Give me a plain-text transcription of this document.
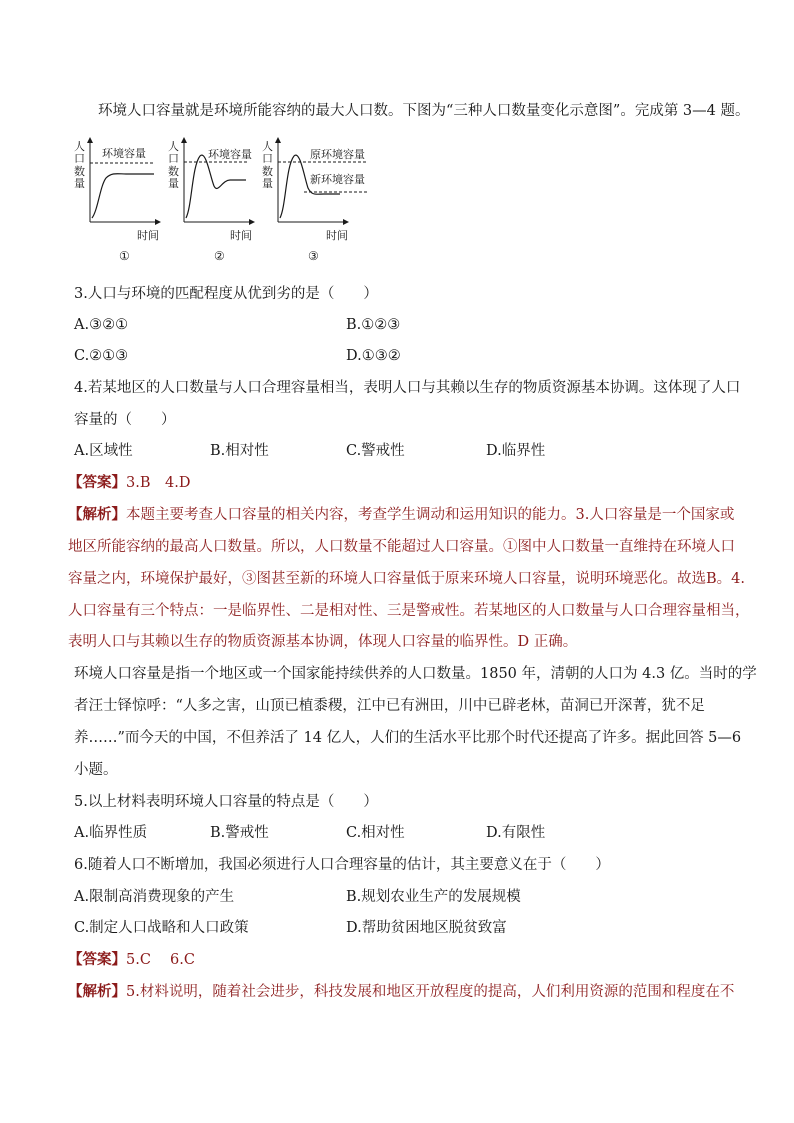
环境人口容量就是环境所能容纳的最大人口数。下图为“三种人口数量变化示意图”。完成第 3—4 题。
人
口
数
量
环境容量
时间
①
人
口
数
量
环境容量
时间
②
人
口
数
量
原环境容量
新环境容量
时间
③
3.人口与环境的匹配程度从优到劣的是（　　）
A.③②①	B.①②③
C.②①③	D.①③②
4.若某地区的人口数量与人口合理容量相当，表明人口与其赖以生存的物质资源基本协调。这体现了人口
容量的（　　）
A.区域性	B.相对性	C.警戒性	D.临界性
【答案】3.B　4.D
【解析】本题主要考查人口容量的相关内容，考查学生调动和运用知识的能力。3.人口容量是一个国家或
地区所能容纳的最高人口数量。所以，人口数量不能超过人口容量。①图中人口数量一直维持在环境人口
容量之内，环境保护最好，③图甚至新的环境人口容量低于原来环境人口容量，说明环境恶化。故选B。4.
人口容量有三个特点：一是临界性、二是相对性、三是警戒性。若某地区的人口数量与人口合理容量相当，
表明人口与其赖以生存的物质资源基本协调，体现人口容量的临界性。D 正确。
环境人口容量是指一个地区或一个国家能持续供养的人口数量。1850 年，清朝的人口为 4.3 亿。当时的学
者汪士铎惊呼：“人多之害，山顶已植黍稷，江中已有洲田，川中已辟老林，苗洞已开深菁，犹不足
养……”而今天的中国，不但养活了 14 亿人，人们的生活水平比那个时代还提高了许多。据此回答 5—6
小题。
5.以上材料表明环境人口容量的特点是（　　）
A.临界性质	B.警戒性	C.相对性	D.有限性
6.随着人口不断增加，我国必须进行人口合理容量的估计，其主要意义在于（　　）
A.限制高消费现象的产生	B.规划农业生产的发展规模
C.制定人口战略和人口政策	D.帮助贫困地区脱贫致富
【答案】5.C　 6.C
【解析】5.材料说明，随着社会进步，科技发展和地区开放程度的提高，人们利用资源的范围和程度在不
